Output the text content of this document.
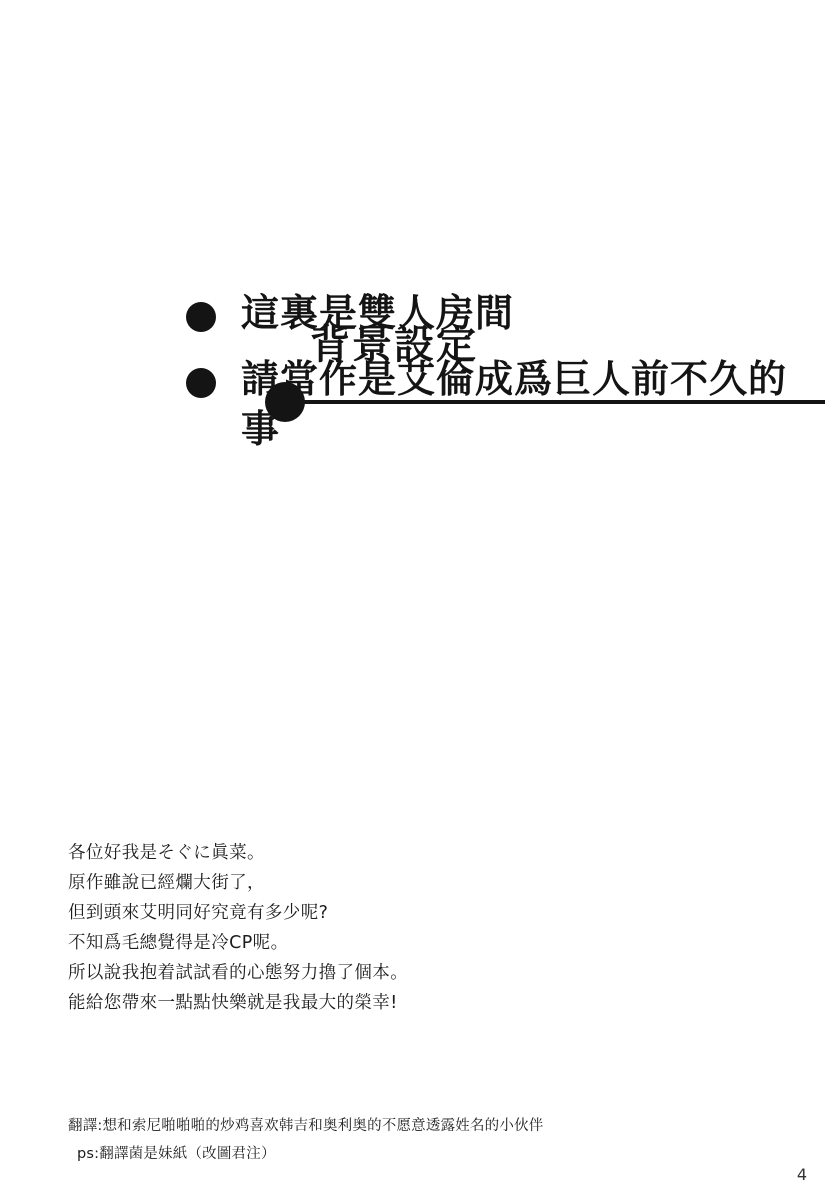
背景設定
這裏是雙人房間
請當作是艾倫成爲巨人前不久的事
各位好我是そぐに眞菜。
原作雖說已經爛大街了，
但到頭來艾明同好究竟有多少呢?
不知爲毛總覺得是冷CP呢。
所以說我抱着試試看的心態努力擼了個本。
能給您帶來一點點快樂就是我最大的榮幸!
翻譯:想和索尼啪啪啪的炒鸡喜欢韩吉和奥利奥的不愿意透露姓名的小伙伴
ps:翻譯菌是妹紙（改圖君注）
4
